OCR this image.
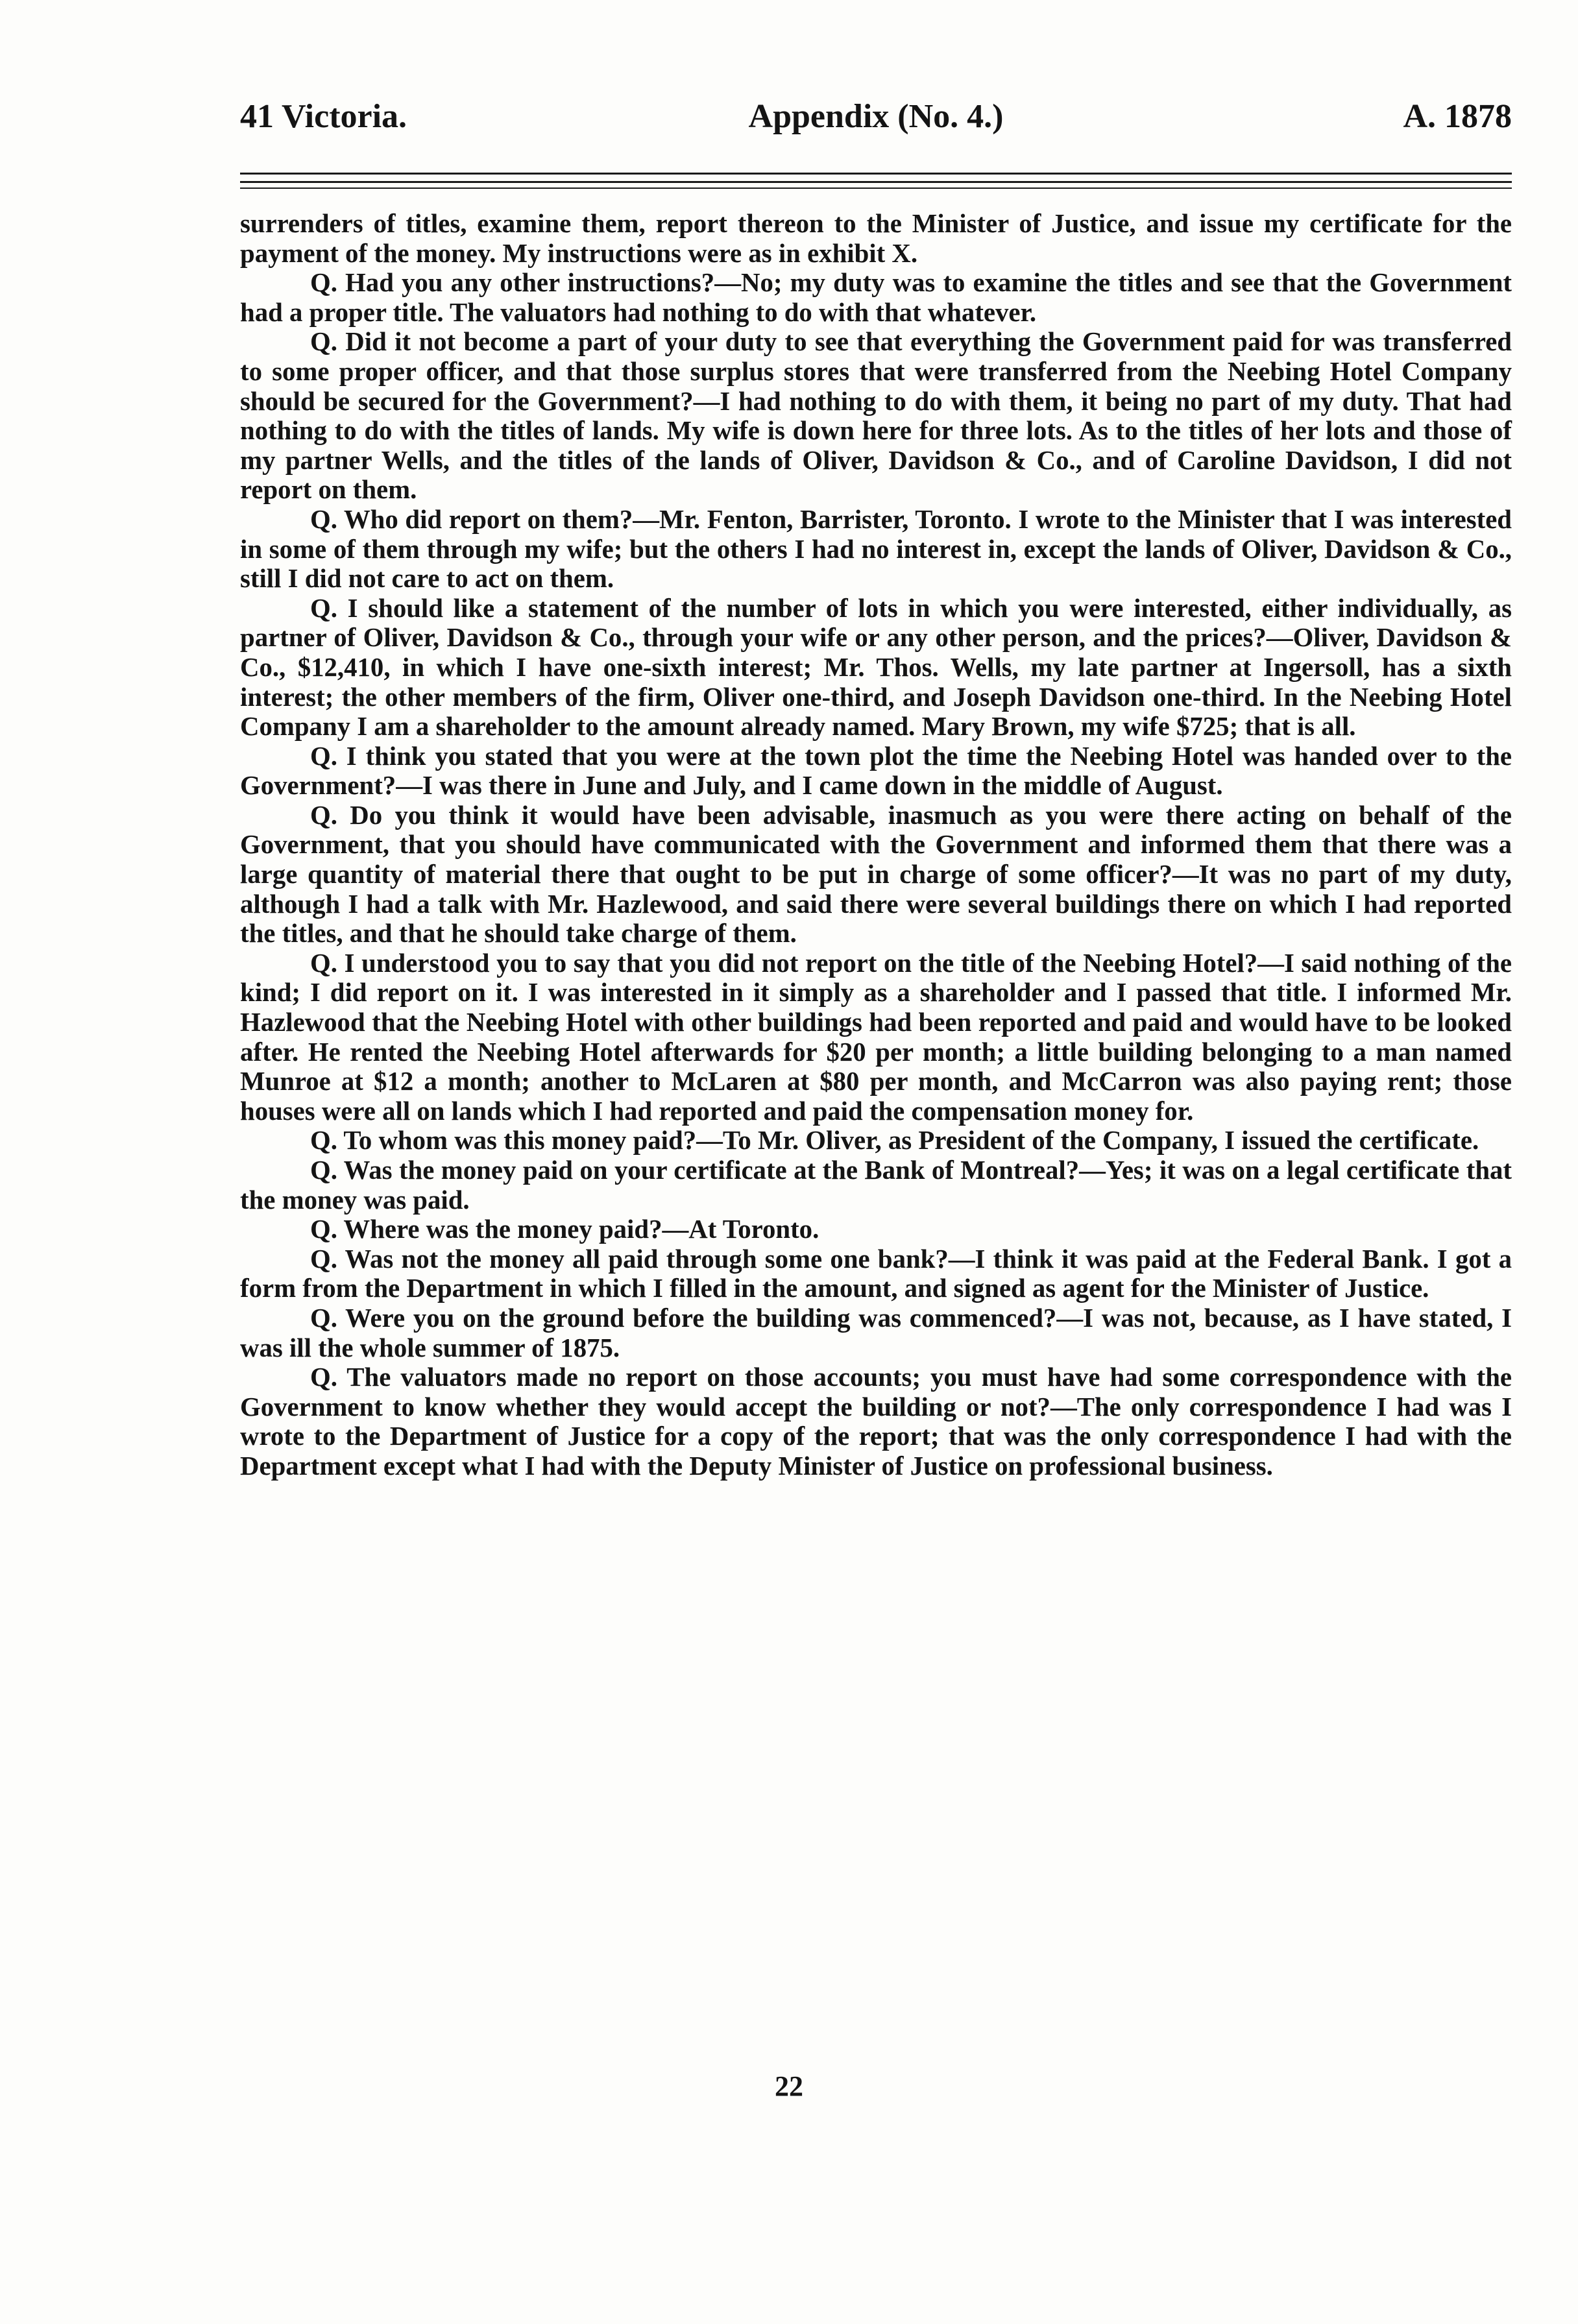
41 Victoria.	Appendix (No. 4.)	A. 1878

surrenders of titles, examine them, report thereon to the Minister of Justice, and issue my certificate for the payment of the money. My instructions were as in exhibit X.

Q. Had you any other instructions?—No; my duty was to examine the titles and see that the Government had a proper title. The valuators had nothing to do with that whatever.

Q. Did it not become a part of your duty to see that everything the Government paid for was transferred to some proper officer, and that those surplus stores that were transferred from the Neebing Hotel Company should be secured for the Government?—I had nothing to do with them, it being no part of my duty. That had nothing to do with the titles of lands. My wife is down here for three lots. As to the titles of her lots and those of my partner Wells, and the titles of the lands of Oliver, Davidson & Co., and of Caroline Davidson, I did not report on them.

Q. Who did report on them?—Mr. Fenton, Barrister, Toronto. I wrote to the Minister that I was interested in some of them through my wife; but the others I had no interest in, except the lands of Oliver, Davidson & Co., still I did not care to act on them.

Q. I should like a statement of the number of lots in which you were interested, either individually, as partner of Oliver, Davidson & Co., through your wife or any other person, and the prices?—Oliver, Davidson & Co., $12,410, in which I have one-sixth interest; Mr. Thos. Wells, my late partner at Ingersoll, has a sixth interest; the other members of the firm, Oliver one-third, and Joseph Davidson one-third. In the Neebing Hotel Company I am a shareholder to the amount already named. Mary Brown, my wife $725; that is all.

Q. I think you stated that you were at the town plot the time the Neebing Hotel was handed over to the Government?—I was there in June and July, and I came down in the middle of August.

Q. Do you think it would have been advisable, inasmuch as you were there acting on behalf of the Government, that you should have communicated with the Government and informed them that there was a large quantity of material there that ought to be put in charge of some officer?—It was no part of my duty, although I had a talk with Mr. Hazlewood, and said there were several buildings there on which I had reported the titles, and that he should take charge of them.

Q. I understood you to say that you did not report on the title of the Neebing Hotel?—I said nothing of the kind; I did report on it. I was interested in it simply as a shareholder and I passed that title. I informed Mr. Hazlewood that the Neebing Hotel with other buildings had been reported and paid and would have to be looked after. He rented the Neebing Hotel afterwards for $20 per month; a little building belonging to a man named Munroe at $12 a month; another to McLaren at $80 per month, and McCarron was also paying rent; those houses were all on lands which I had reported and paid the compensation money for.

Q. To whom was this money paid?—To Mr. Oliver, as President of the Company, I issued the certificate.

Q. Was the money paid on your certificate at the Bank of Montreal?—Yes; it was on a legal certificate that the money was paid.

Q. Where was the money paid?—At Toronto.

Q. Was not the money all paid through some one bank?—I think it was paid at the Federal Bank. I got a form from the Department in which I filled in the amount, and signed as agent for the Minister of Justice.

Q. Were you on the ground before the building was commenced?—I was not, because, as I have stated, I was ill the whole summer of 1875.

Q. The valuators made no report on those accounts; you must have had some correspondence with the Government to know whether they would accept the building or not?—The only correspondence I had was I wrote to the Department of Justice for a copy of the report; that was the only correspondence I had with the Department except what I had with the Deputy Minister of Justice on professional business.

22
